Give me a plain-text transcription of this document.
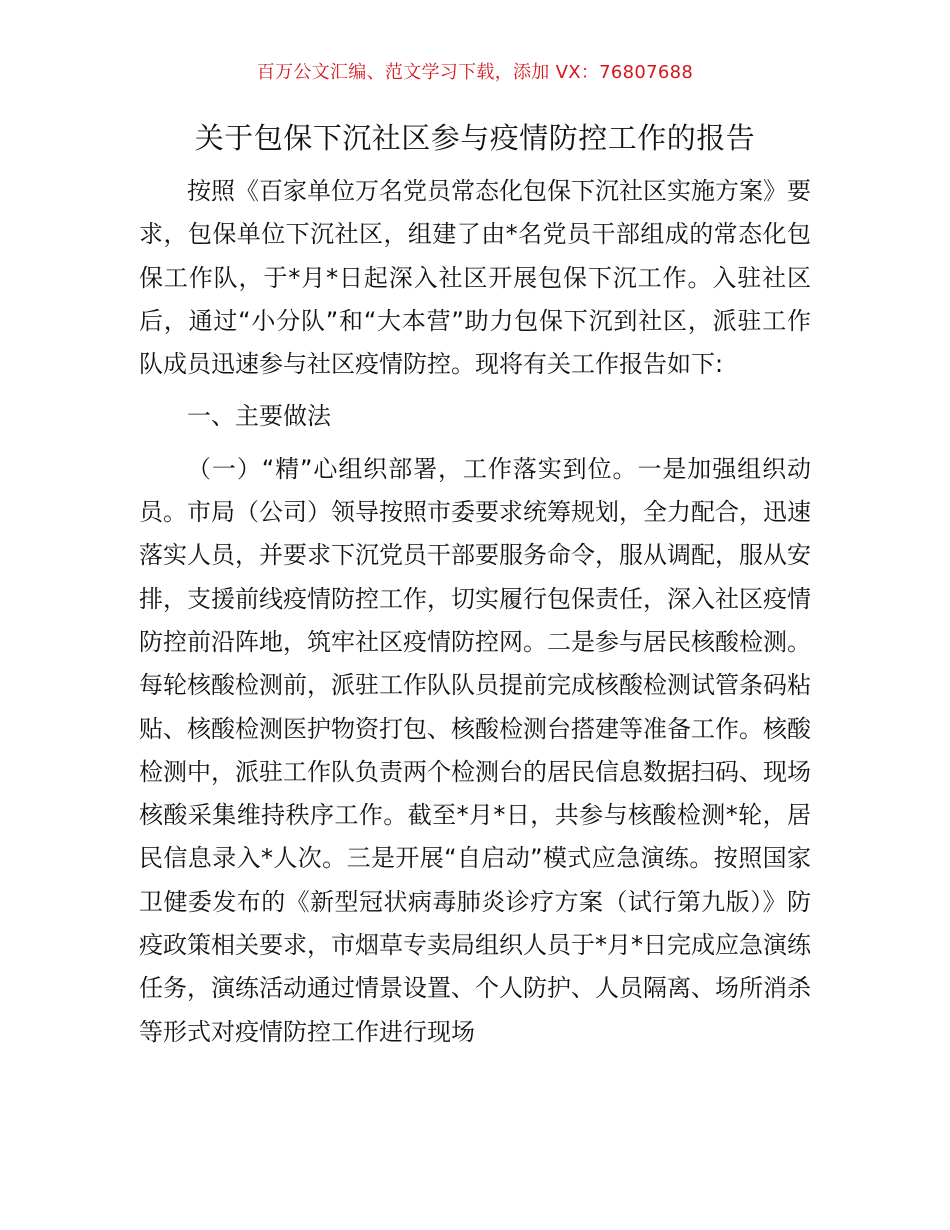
百万公文汇编、范文学习下载，添加 VX：76807688
关于包保下沉社区参与疫情防控工作的报告

按照《百家单位万名党员常态化包保下沉社区实施方案》要求，包保单位下沉社区，组建了由*名党员干部组成的常态化包保工作队，于*月*日起深入社区开展包保下沉工作。入驻社区后，通过“小分队”和“大本营”助力包保下沉到社区，派驻工作队成员迅速参与社区疫情防控。现将有关工作报告如下:

一、主要做法

（一）“精”心组织部署，工作落实到位。一是加强组织动员。市局（公司）领导按照市委要求统筹规划，全力配合，迅速落实人员，并要求下沉党员干部要服务命令，服从调配，服从安排，支援前线疫情防控工作，切实履行包保责任，深入社区疫情防控前沿阵地，筑牢社区疫情防控网。二是参与居民核酸检测。每轮核酸检测前，派驻工作队队员提前完成核酸检测试管条码粘贴、核酸检测医护物资打包、核酸检测台搭建等准备工作。核酸检测中，派驻工作队负责两个检测台的居民信息数据扫码、现场核酸采集维持秩序工作。截至*月*日，共参与核酸检测*轮，居民信息录入*人次。三是开展“自启动”模式应急演练。按照国家卫健委发布的《新型冠状病毒肺炎诊疗方案（试行第九版）》防疫政策相关要求，市烟草专卖局组织人员于*月*日完成应急演练任务，演练活动通过情景设置、个人防护、人员隔离、场所消杀等形式对疫情防控工作进行现场
